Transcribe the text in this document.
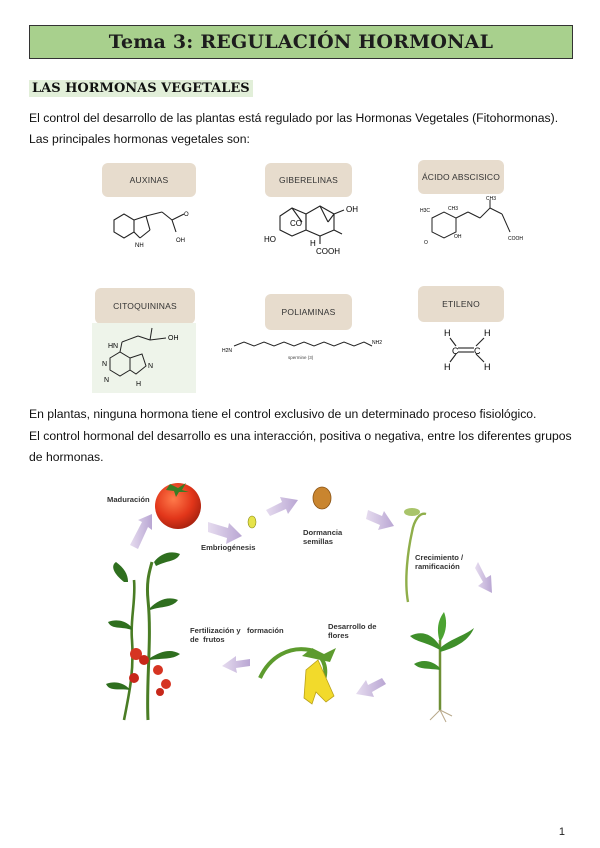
Tema 3: REGULACIÓN HORMONAL
LAS HORMONAS VEGETALES
El control del desarrollo de las plantas está regulado por las Hormonas Vegetales (Fitohormonas).
Las principales hormonas vegetales son:
AUXINAS	GIBERELINAS	ÁCIDO ABSCISICO
O
OH
NH
OH
HO
CO
H
COOH
H3C	CH3
CH3
OH
O
COOH
CITOQUININAS
POLIAMINAS
ETILENO
HN
OH
N
N
N
H
H2N
NH2
spermine (3)
C C
H	H
H	H
En plantas, ninguna hormona tiene el control exclusivo de un determinado proceso fisiológico.
El control hormonal del desarrollo es una interacción, positiva o negativa, entre los diferentes grupos
de hormonas.
Maduración
Embriogénesis
Dormancia
semillas
Crecimiento /
ramificación
Desarrollo de
flores
Fertilización y   formación
de  frutos
1
